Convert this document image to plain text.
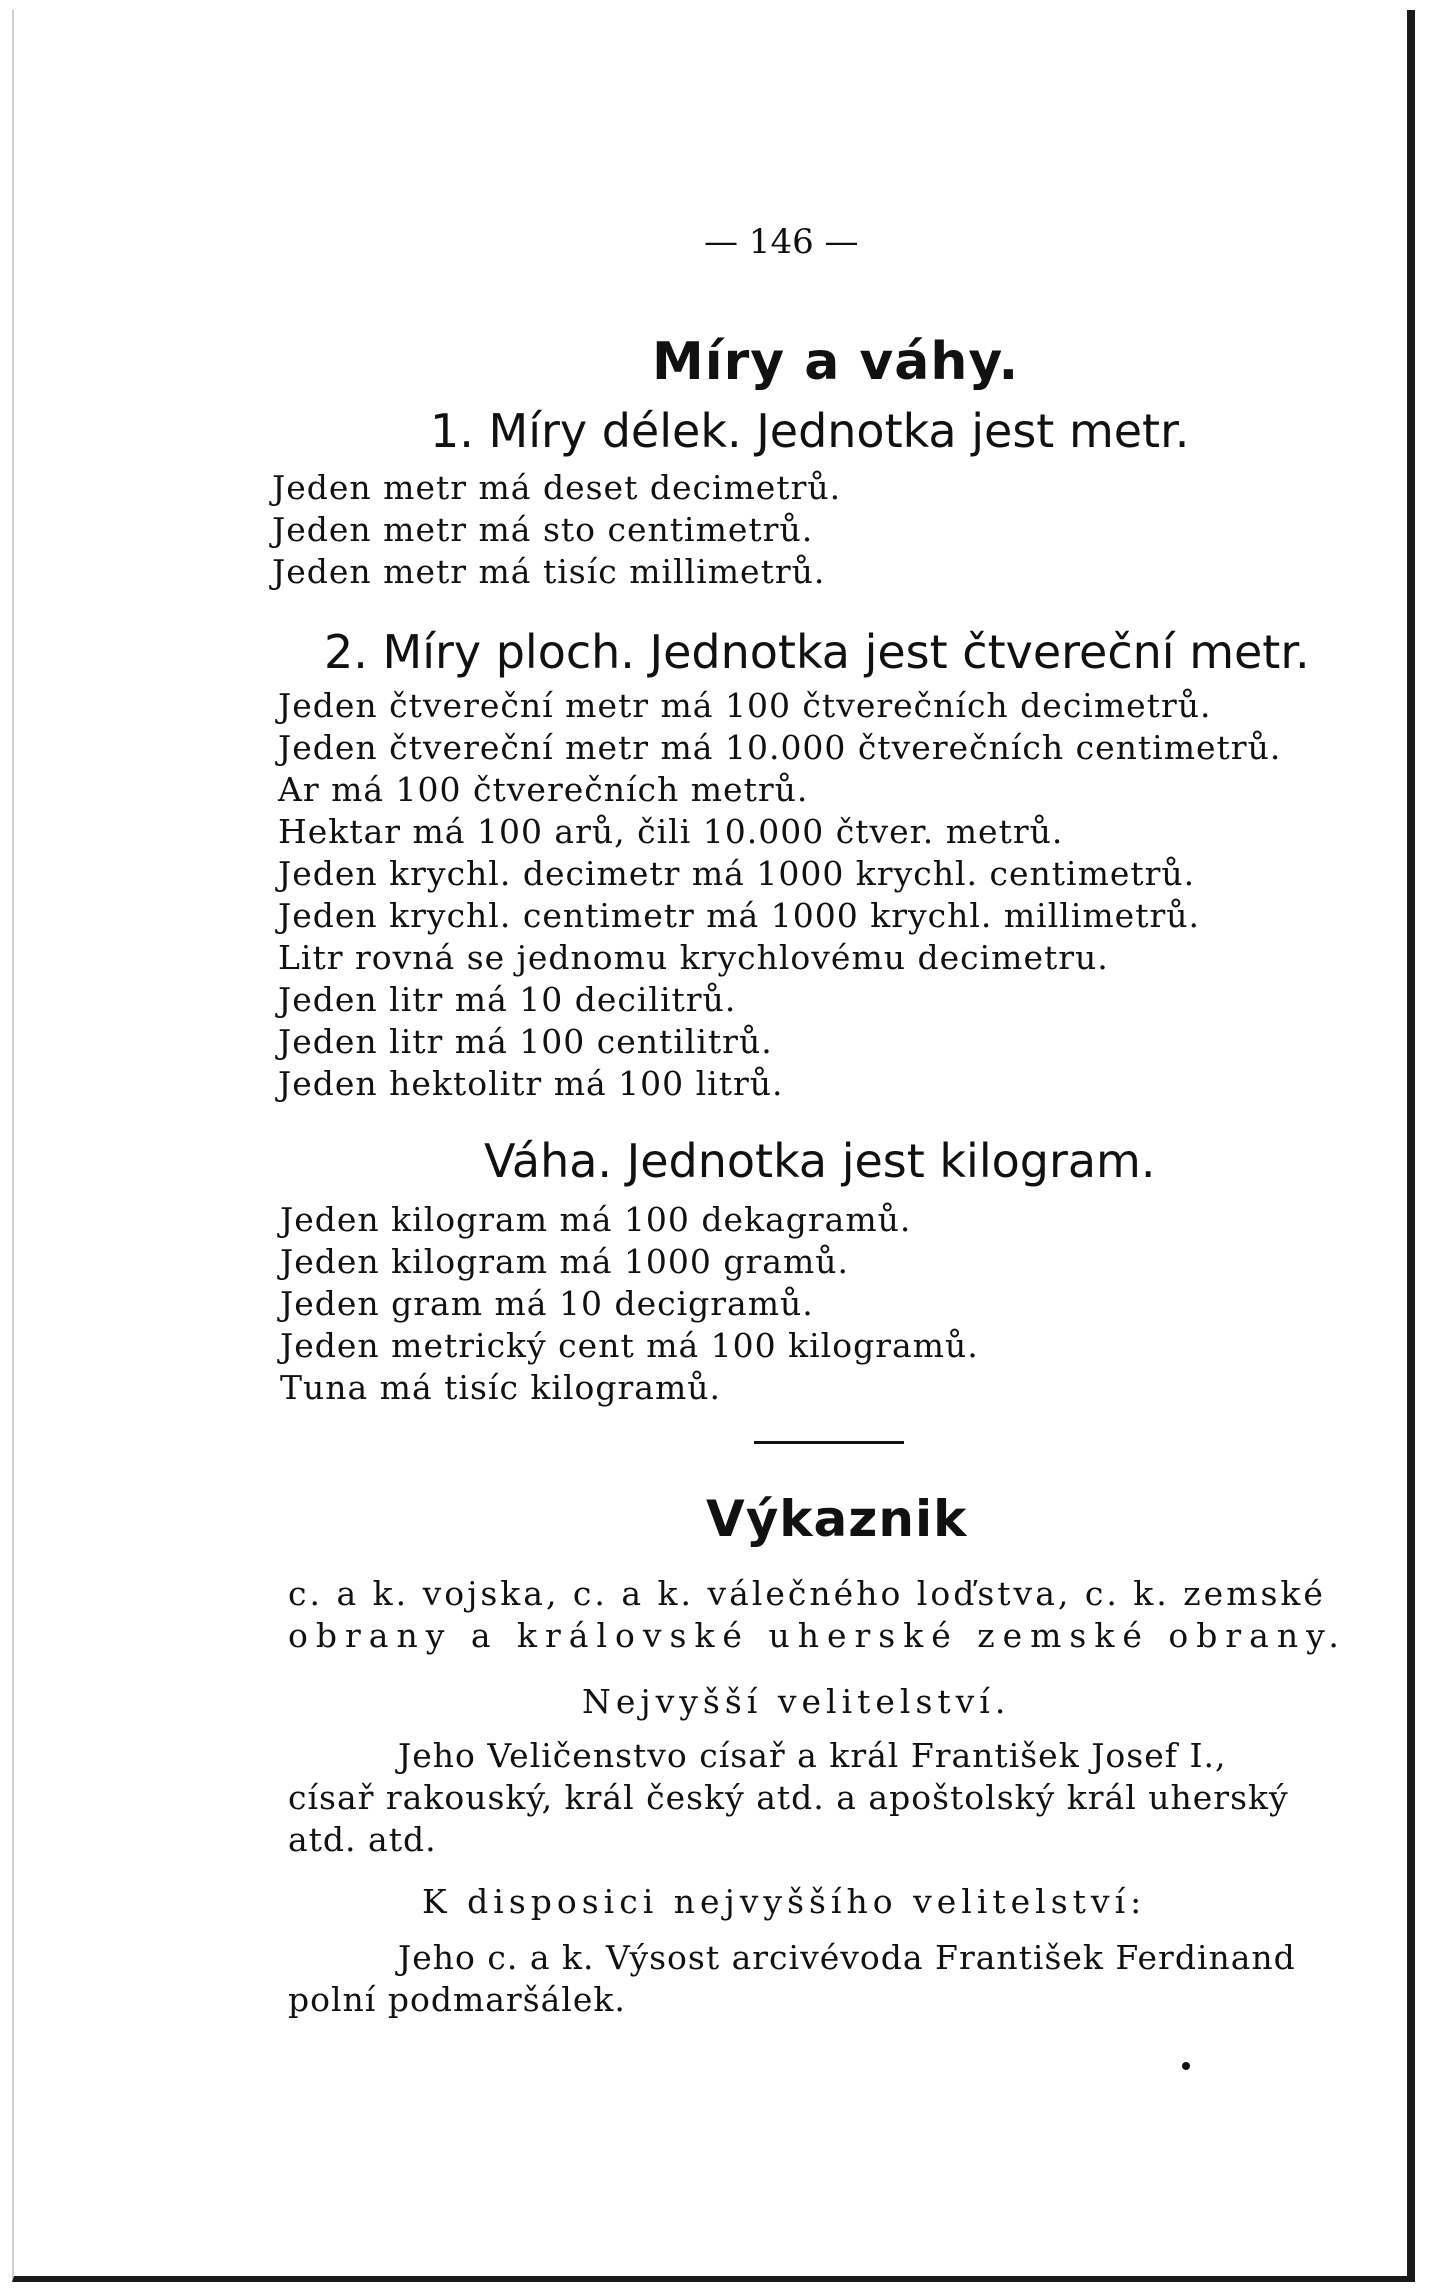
— 146 —
Míry a váhy.
1. Míry délek. Jednotka jest metr.
Jeden metr má deset decimetrů.
Jeden metr má sto centimetrů.
Jeden metr má tisíc millimetrů.
2. Míry ploch. Jednotka jest čtvereční metr.
Jeden čtvereční metr má 100 čtverečních decimetrů.
Jeden čtvereční metr má 10.000 čtverečních centimetrů.
Ar má 100 čtverečních metrů.
Hektar má 100 arů, čili 10.000 čtver. metrů.
Jeden krychl. decimetr má 1000 krychl. centimetrů.
Jeden krychl. centimetr má 1000 krychl. millimetrů.
Litr rovná se jednomu krychlovému decimetru.
Jeden litr má 10 decilitrů.
Jeden litr má 100 centilitrů.
Jeden hektolitr má 100 litrů.
Váha. Jednotka jest kilogram.
Jeden kilogram má 100 dekagramů.
Jeden kilogram má 1000 gramů.
Jeden gram má 10 decigramů.
Jeden metrický cent má 100 kilogramů.
Tuna má tisíc kilogramů.
Výkaznik
c. a k. vojska, c. a k. válečného loďstva, c. k. zemské
obrany a královské uherské zemské obrany.
Nejvyšší velitelství.
Jeho Veličenstvo císař a král František Josef I.,
císař rakouský, král český atd. a apoštolský král uherský
atd. atd.
K disposici nejvyššího velitelství:
Jeho c. a k. Výsost arcivévoda František Ferdinand
polní podmaršálek.
